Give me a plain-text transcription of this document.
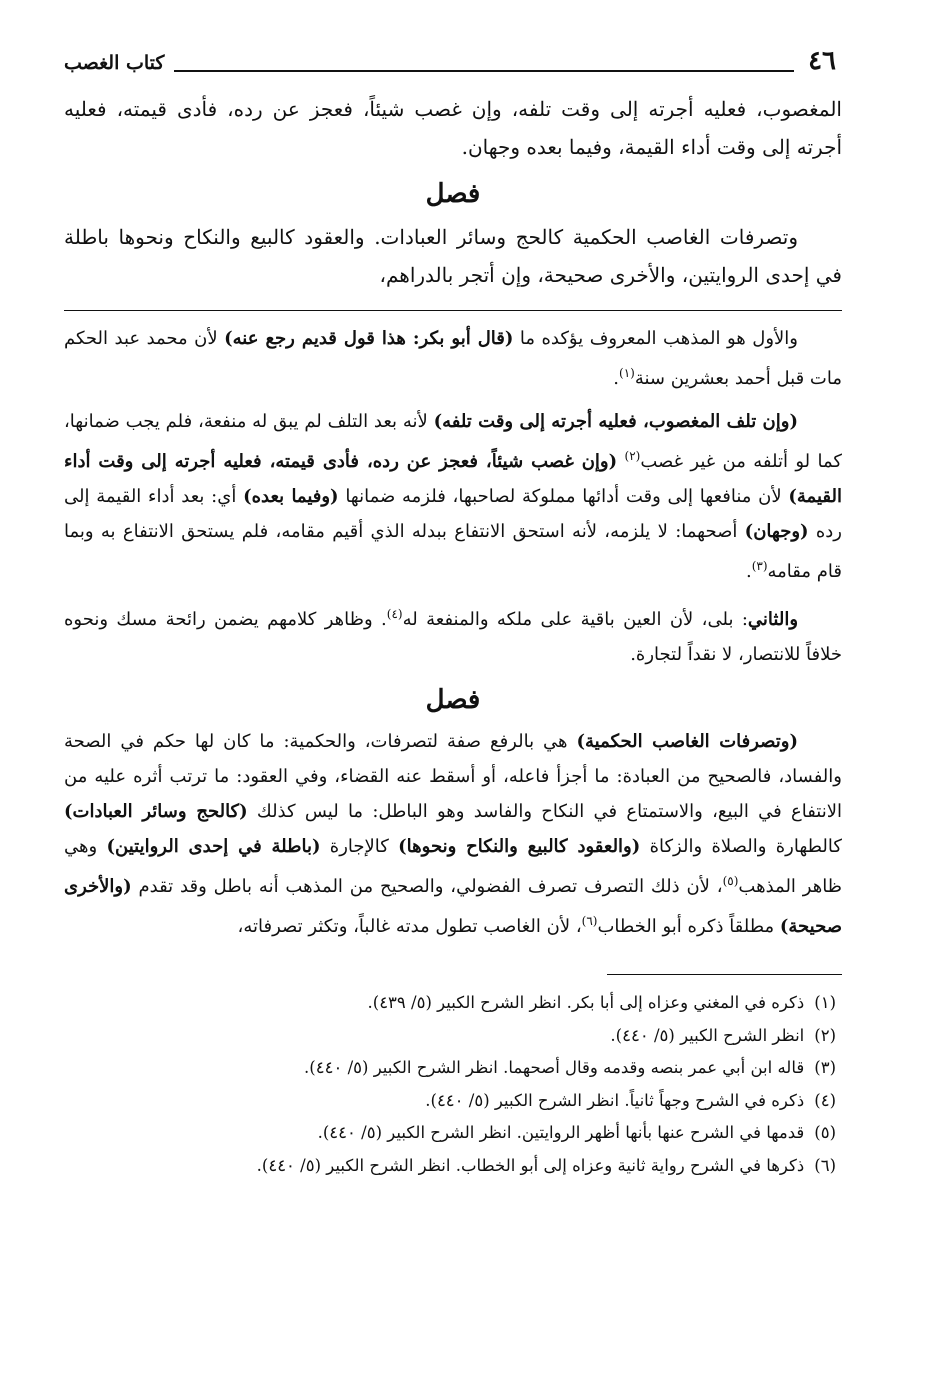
٤٦
كتاب الغصب

المغصوب، فعليه أجرته إلى وقت تلفه، وإن غصب شيئاً، فعجز عن رده، فأدى قيمته، فعليه أجرته إلى وقت أداء القيمة، وفيما بعده وجهان.

فصل

وتصرفات الغاصب الحكمية كالحج وسائر العبادات. والعقود كالبيع والنكاح ونحوها باطلة في إحدى الروايتين، والأخرى صحيحة، وإن أتجر بالدراهم،

والأول هو المذهب المعروف يؤكده ما (قال أبو بكر: هذا قول قديم رجع عنه) لأن محمد عبد الحكم مات قبل أحمد بعشرين سنة$^{(١)}$.

(وإن تلف المغصوب، فعليه أجرته إلى وقت تلفه) لأنه بعد التلف لم يبق له منفعة، فلم يجب ضمانها، كما لو أتلفه من غير غصب$^{(٢)}$ (وإن غصب شيئاً، فعجز عن رده، فأدى قيمته، فعليه أجرته إلى وقت أداء القيمة) لأن منافعها إلى وقت أدائها مملوكة لصاحبها، فلزمه ضمانها (وفيما بعده) أي: بعد أداء القيمة إلى رده (وجهان) أصحهما: لا يلزمه، لأنه استحق الانتفاع ببدله الذي أقيم مقامه، فلم يستحق الانتفاع به وبما قام مقامه$^{(٣)}$.

والثاني: بلى، لأن العين باقية على ملكه والمنفعة له$^{(٤)}$. وظاهر كلامهم يضمن رائحة مسك ونحوه خلافاً للانتصار، لا نقداً لتجارة.

فصل

(وتصرفات الغاصب الحكمية) هي بالرفع صفة لتصرفات، والحكمية: ما كان لها حكم في الصحة والفساد، فالصحيح من العبادة: ما أجزأ فاعله، أو أسقط عنه القضاء، وفي العقود: ما ترتب أثره عليه من الانتفاع في البيع، والاستمتاع في النكاح والفاسد وهو الباطل: ما ليس كذلك (كالحج وسائر العبادات) كالطهارة والصلاة والزكاة (والعقود كالبيع والنكاح ونحوها) كالإجارة (باطلة في إحدى الروايتين) وهي ظاهر المذهب$^{(٥)}$، لأن ذلك التصرف تصرف الفضولي، والصحيح من المذهب أنه باطل وقد تقدم (والأخرى صحيحة) مطلقاً ذكره أبو الخطاب$^{(٦)}$، لأن الغاصب تطول مدته غالباً، وتكثر تصرفاته،

(١)
ذكره في المغني وعزاه إلى أبا بكر. انظر الشرح الكبير (٥/ ٤٣٩).
(٢)
انظر الشرح الكبير (٥/ ٤٤٠).
(٣)
قاله ابن أبي عمر بنصه وقدمه وقال أصحهما. انظر الشرح الكبير (٥/ ٤٤٠).
(٤)
ذكره في الشرح وجهاً ثانياً. انظر الشرح الكبير (٥/ ٤٤٠).
(٥)
قدمها في الشرح عنها بأنها أظهر الروايتين. انظر الشرح الكبير (٥/ ٤٤٠).
(٦)
ذكرها في الشرح رواية ثانية وعزاه إلى أبو الخطاب. انظر الشرح الكبير (٥/ ٤٤٠).
